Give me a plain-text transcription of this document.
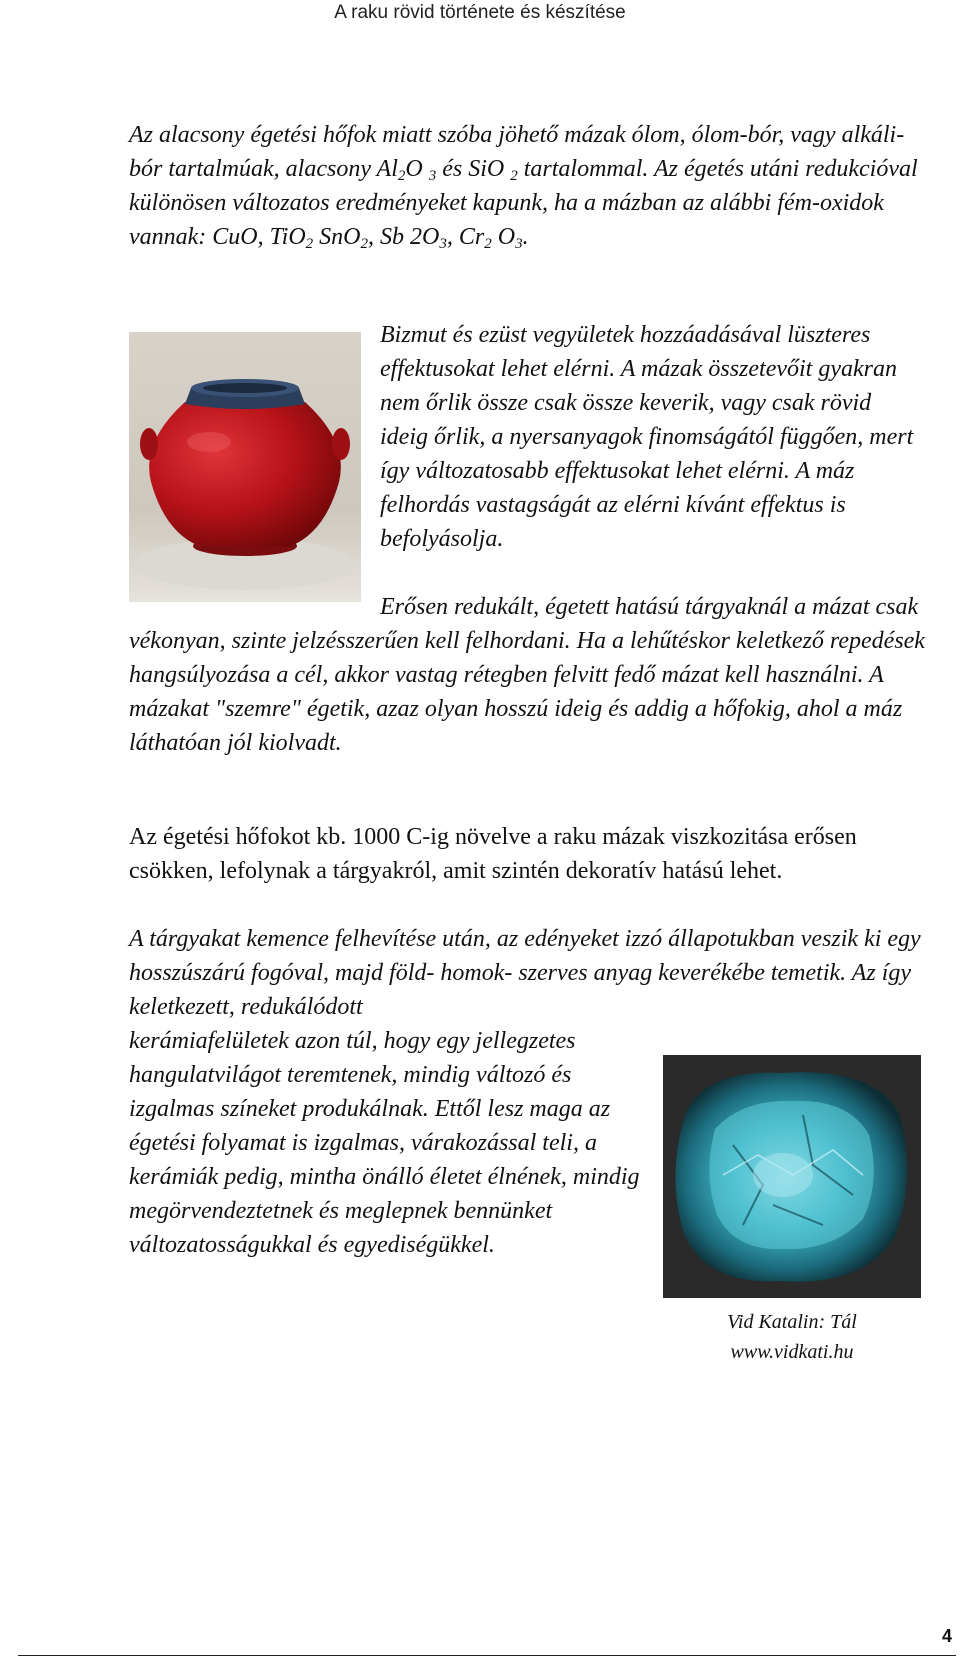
A raku rövid története és készítése

Az alacsony égetési hőfok miatt szóba jöhető mázak ólom, ólom-bór, vagy alkáli-bór tartalmúak, alacsony $Al_2O$ $_3$ és SiO $_2$ tartalommal. Az égetés utáni redukcióval különösen változatos eredményeket kapunk, ha a mázban az alábbi fém-oxidok vannak: CuO, TiO$_2$ SnO$_2$, Sb $2O_3$, $Cr_2$ $O_3$.

Bizmut és ezüst vegyületek hozzáadásával lüszteres effektusokat lehet elérni. A mázak összetevőit gyakran nem őrlik össze csak össze keverik, vagy csak rövid ideig őrlik, a nyersanyagok finomságától függően, mert így változatosabb effektusokat lehet elérni. A máz felhordás vastagságát az elérni kívánt effektus is befolyásolja.

Erősen redukált, égetett hatású tárgyaknál a mázat csak vékonyan, szinte jelzésszerűen kell felhordani. Ha a lehűtéskor keletkező repedések hangsúlyozása a cél, akkor vastag rétegben felvitt fedő mázat kell használni. A mázakat "szemre" égetik, azaz olyan hosszú ideig és addig a hőfokig, ahol a máz láthatóan jól kiolvadt.

Az égetési hőfokot kb. 1000 C-ig növelve a raku mázak viszkozitása erősen csökken, lefolynak a tárgyakról, amit szintén dekoratív hatású lehet.

A tárgyakat kemence felhevítése után, az edényeket izzó állapotukban veszik ki egy hosszúszárú fogóval, majd föld- homok- szerves anyag keverékébe temetik. Az így keletkezett, redukálódott

kerámiafelületek azon túl, hogy egy jellegzetes hangulatvilágot teremtenek, mindig változó és izgalmas színeket produkálnak. Ettől lesz maga az égetési folyamat is izgalmas, várakozással teli, a kerámiák pedig, mintha önálló életet élnének, mindig megörvendeztetnek és meglepnek bennünket változatosságukkal és egyediségükkel.

Vid Katalin: Tál
www.vidkati.hu
4
